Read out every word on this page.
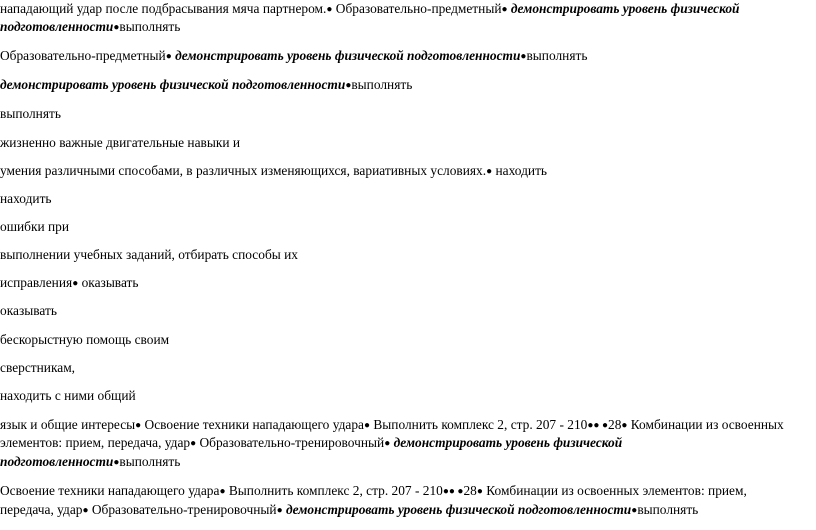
нападающий удар после подбрасывания мяча партнером.● Образовательно-предметный● демонстрировать уровень физической
подготовленности●выполнять
Образовательно-предметный● демонстрировать уровень физической подготовленности●выполнять
демонстрировать уровень физической подготовленности●выполнять
выполнять
жизненно важные двигательные навыки и
умения различными способами, в различных изменяющихся, вариативных условиях.● находить
находить
ошибки при
выполнении учебных заданий, отбирать способы их
исправления● оказывать
оказывать
бескорыстную помощь своим
сверстникам,
находить с ними общий
язык и общие интересы● Освоение техники нападающего удара● Выполнить комплекс 2, стр. 207 - 210●● ●28● Комбинации из освоенных
элементов: прием, передача, удар● Образовательно-тренировочный● демонстрировать уровень физической
подготовленности●выполнять
Освоение техники нападающего удара● Выполнить комплекс 2, стр. 207 - 210●● ●28● Комбинации из освоенных элементов: прием,
передача, удар● Образовательно-тренировочный● демонстрировать уровень физической подготовленности●выполнять
